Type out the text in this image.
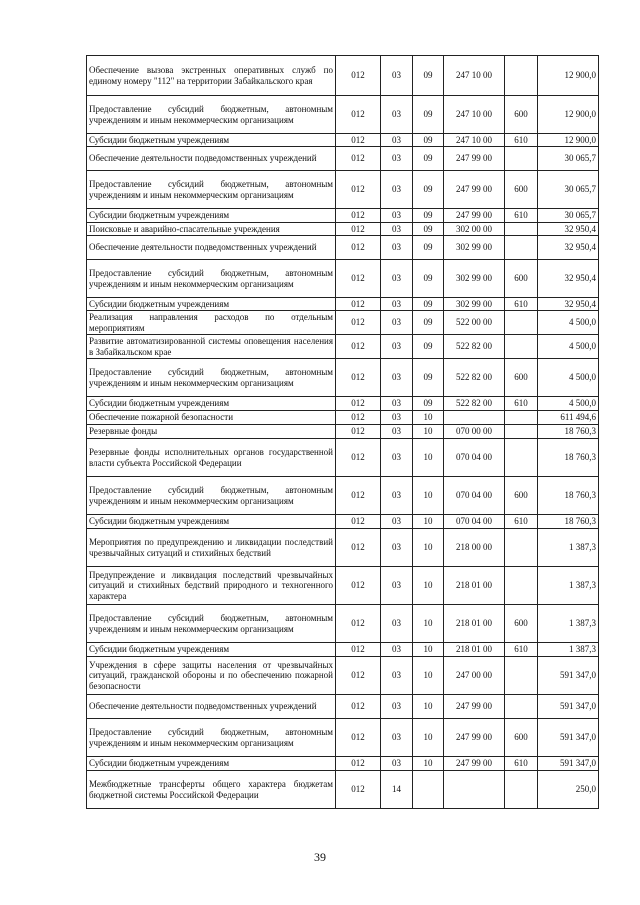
Обеспечение вызова экстренных оперативных служб по единому номеру "112" на территории Забайкальского края	012	03	09	247 10 00		12 900,0
Предоставление субсидий бюджетным, автономным учреждениям и иным некоммерческим организациям	012	03	09	247 10 00	600	12 900,0
Субсидии бюджетным учреждениям	012	03	09	247 10 00	610	12 900,0
Обеспечение деятельности подведомственных учреждений	012	03	09	247 99 00		30 065,7
Предоставление субсидий бюджетным, автономным учреждениям и иным некоммерческим организациям	012	03	09	247 99 00	600	30 065,7
Субсидии бюджетным учреждениям	012	03	09	247 99 00	610	30 065,7
Поисковые и аварийно-спасательные учреждения	012	03	09	302 00 00		32 950,4
Обеспечение деятельности подведомственных учреждений	012	03	09	302 99 00		32 950,4
Предоставление субсидий бюджетным, автономным учреждениям и иным некоммерческим организациям	012	03	09	302 99 00	600	32 950,4
Субсидии бюджетным учреждениям	012	03	09	302 99 00	610	32 950,4
Реализация направления расходов по отдельным мероприятиям	012	03	09	522 00 00		4 500,0
Развитие автоматизированной системы оповещения населения в Забайкальском крае	012	03	09	522 82 00		4 500,0
Предоставление субсидий бюджетным, автономным учреждениям и иным некоммерческим организациям	012	03	09	522 82 00	600	4 500,0
Субсидии бюджетным учреждениям	012	03	09	522 82 00	610	4 500,0
Обеспечение пожарной безопасности	012	03	10			611 494,6
Резервные фонды	012	03	10	070 00 00		18 760,3
Резервные фонды исполнительных органов государственной власти субъекта Российской Федерации	012	03	10	070 04 00		18 760,3
Предоставление субсидий бюджетным, автономным учреждениям и иным некоммерческим организациям	012	03	10	070 04 00	600	18 760,3
Субсидии бюджетным учреждениям	012	03	10	070 04 00	610	18 760,3
Мероприятия по предупреждению и ликвидации последствий чрезвычайных ситуаций и стихийных бедствий	012	03	10	218 00 00		1 387,3
Предупреждение и ликвидация последствий чрезвычайных ситуаций и стихийных бедствий природного и техногенного характера	012	03	10	218 01 00		1 387,3
Предоставление субсидий бюджетным, автономным учреждениям и иным некоммерческим организациям	012	03	10	218 01 00	600	1 387,3
Субсидии бюджетным учреждениям	012	03	10	218 01 00	610	1 387,3
Учреждения в сфере защиты населения от чрезвычайных ситуаций, гражданской обороны и по обеспечению пожарной безопасности	012	03	10	247 00 00		591 347,0
Обеспечение деятельности подведомственных учреждений	012	03	10	247 99 00		591 347,0
Предоставление субсидий бюджетным, автономным учреждениям и иным некоммерческим организациям	012	03	10	247 99 00	600	591 347,0
Субсидии бюджетным учреждениям	012	03	10	247 99 00	610	591 347,0
Межбюджетные трансферты общего характера бюджетам бюджетной системы Российской Федерации	012	14				250,0
39
